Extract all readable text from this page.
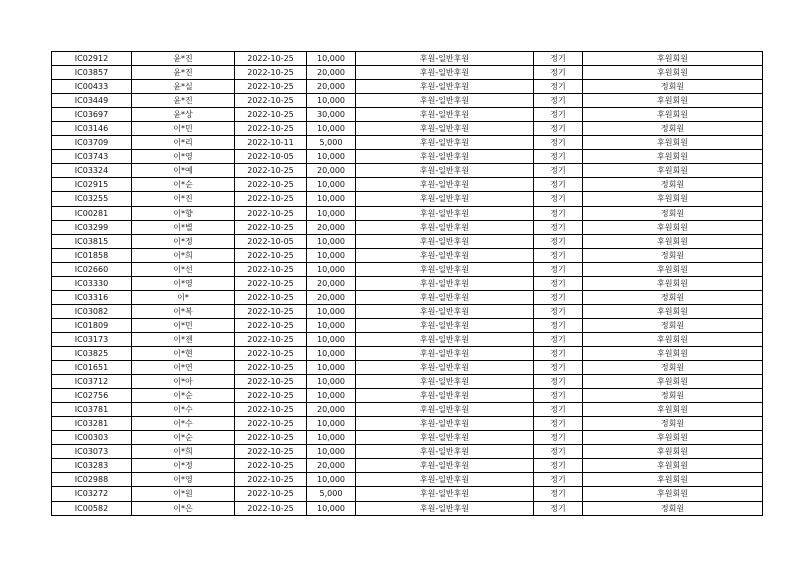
IC02912	윤*진	2022-10-25	10,000	후원-일반후원	정기	후원회원
IC03857	윤*진	2022-10-25	20,000	후원-일반후원	정기	후원회원
IC00433	윤*실	2022-10-25	20,000	후원-일반후원	정기	정회원
IC03449	윤*진	2022-10-25	10,000	후원-일반후원	정기	후원회원
IC03697	윤*상	2022-10-25	30,000	후원-일반후원	정기	후원회원
IC03146	이*민	2022-10-25	10,000	후원-일반후원	정기	정회원
IC03709	이*리	2022-10-11	5,000	후원-일반후원	정기	후원회원
IC03743	이*영	2022-10-05	10,000	후원-일반후원	정기	후원회원
IC03324	이*예	2022-10-25	20,000	후원-일반후원	정기	후원회원
IC02915	이*순	2022-10-25	10,000	후원-일반후원	정기	정회원
IC03255	이*진	2022-10-25	10,000	후원-일반후원	정기	후원회원
IC00281	이*향	2022-10-25	10,000	후원-일반후원	정기	정회원
IC03299	이*별	2022-10-25	20,000	후원-일반후원	정기	후원회원
IC03815	이*정	2022-10-05	10,000	후원-일반후원	정기	후원회원
IC01858	이*희	2022-10-25	10,000	후원-일반후원	정기	정회원
IC02660	이*선	2022-10-25	10,000	후원-일반후원	정기	후원회원
IC03330	이*영	2022-10-25	20,000	후원-일반후원	정기	후원회원
IC03316	이*	2022-10-25	20,000	후원-일반후원	정기	정회원
IC03082	이*복	2022-10-25	10,000	후원-일반후원	정기	후원회원
IC01809	이*민	2022-10-25	10,000	후원-일반후원	정기	정회원
IC03173	이*젠	2022-10-25	10,000	후원-일반후원	정기	후원회원
IC03825	이*현	2022-10-25	10,000	후원-일반후원	정기	후원회원
IC01651	이*연	2022-10-25	10,000	후원-일반후원	정기	정회원
IC03712	이*아	2022-10-25	10,000	후원-일반후원	정기	후원회원
IC02756	이*순	2022-10-25	10,000	후원-일반후원	정기	정회원
IC03781	이*수	2022-10-25	20,000	후원-일반후원	정기	후원회원
IC03281	이*수	2022-10-25	10,000	후원-일반후원	정기	정회원
IC00303	이*순	2022-10-25	10,000	후원-일반후원	정기	후원회원
IC03073	이*희	2022-10-25	10,000	후원-일반후원	정기	후원회원
IC03283	이*정	2022-10-25	20,000	후원-일반후원	정기	후원회원
IC02988	이*영	2022-10-25	10,000	후원-일반후원	정기	후원회원
IC03272	이*원	2022-10-25	5,000	후원-일반후원	정기	후원회원
IC00582	이*은	2022-10-25	10,000	후원-일반후원	정기	정회원
